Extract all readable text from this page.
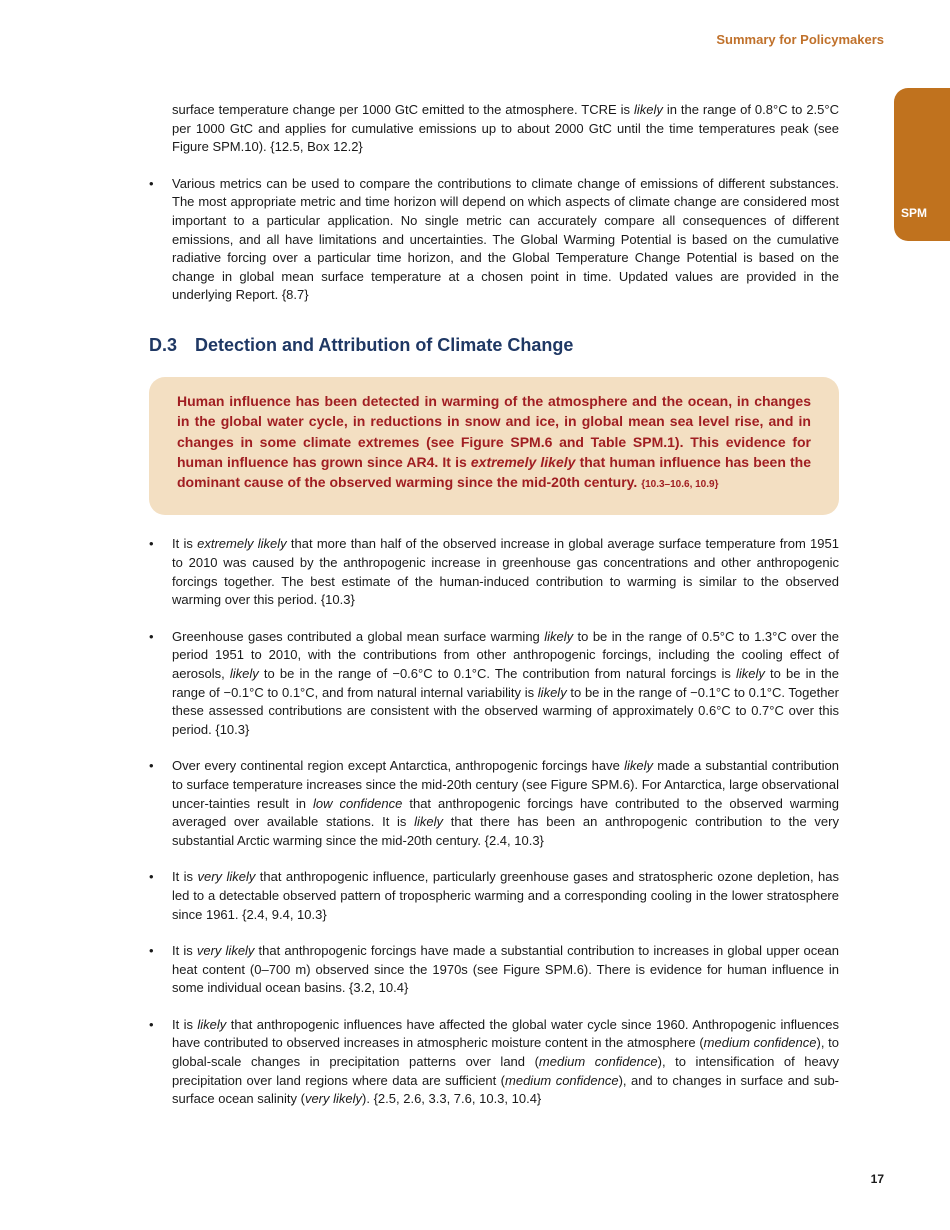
Summary for Policymakers
SPM
surface temperature change per 1000 GtC emitted to the atmosphere. TCRE is likely in the range of 0.8°C to 2.5°C per 1000 GtC and applies for cumulative emissions up to about 2000 GtC until the time temperatures peak (see Figure SPM.10). {12.5, Box 12.2}
• Various metrics can be used to compare the contributions to climate change of emissions of different substances. The most appropriate metric and time horizon will depend on which aspects of climate change are considered most important to a particular application. No single metric can accurately compare all consequences of different emissions, and all have limitations and uncertainties. The Global Warming Potential is based on the cumulative radiative forcing over a particular time horizon, and the Global Temperature Change Potential is based on the change in global mean surface temperature at a chosen point in time. Updated values are provided in the underlying Report. {8.7}
D.3 Detection and Attribution of Climate Change
Human influence has been detected in warming of the atmosphere and the ocean, in changes in the global water cycle, in reductions in snow and ice, in global mean sea level rise, and in changes in some climate extremes (see Figure SPM.6 and Table SPM.1). This evidence for human influence has grown since AR4. It is extremely likely that human influence has been the dominant cause of the observed warming since the mid-20th century. {10.3–10.6, 10.9}
• It is extremely likely that more than half of the observed increase in global average surface temperature from 1951 to 2010 was caused by the anthropogenic increase in greenhouse gas concentrations and other anthropogenic forcings together. The best estimate of the human-induced contribution to warming is similar to the observed warming over this period. {10.3}
• Greenhouse gases contributed a global mean surface warming likely to be in the range of 0.5°C to 1.3°C over the period 1951 to 2010, with the contributions from other anthropogenic forcings, including the cooling effect of aerosols, likely to be in the range of −0.6°C to 0.1°C. The contribution from natural forcings is likely to be in the range of −0.1°C to 0.1°C, and from natural internal variability is likely to be in the range of −0.1°C to 0.1°C. Together these assessed contributions are consistent with the observed warming of approximately 0.6°C to 0.7°C over this period. {10.3}
• Over every continental region except Antarctica, anthropogenic forcings have likely made a substantial contribution to surface temperature increases since the mid-20th century (see Figure SPM.6). For Antarctica, large observational uncer-tainties result in low confidence that anthropogenic forcings have contributed to the observed warming averaged over available stations. It is likely that there has been an anthropogenic contribution to the very substantial Arctic warming since the mid-20th century. {2.4, 10.3}
• It is very likely that anthropogenic influence, particularly greenhouse gases and stratospheric ozone depletion, has led to a detectable observed pattern of tropospheric warming and a corresponding cooling in the lower stratosphere since 1961. {2.4, 9.4, 10.3}
• It is very likely that anthropogenic forcings have made a substantial contribution to increases in global upper ocean heat content (0–700 m) observed since the 1970s (see Figure SPM.6). There is evidence for human influence in some individual ocean basins. {3.2, 10.4}
• It is likely that anthropogenic influences have affected the global water cycle since 1960. Anthropogenic influences have contributed to observed increases in atmospheric moisture content in the atmosphere (medium confidence), to global-scale changes in precipitation patterns over land (medium confidence), to intensification of heavy precipitation over land regions where data are sufficient (medium confidence), and to changes in surface and sub-surface ocean salinity (very likely). {2.5, 2.6, 3.3, 7.6, 10.3, 10.4}
17
